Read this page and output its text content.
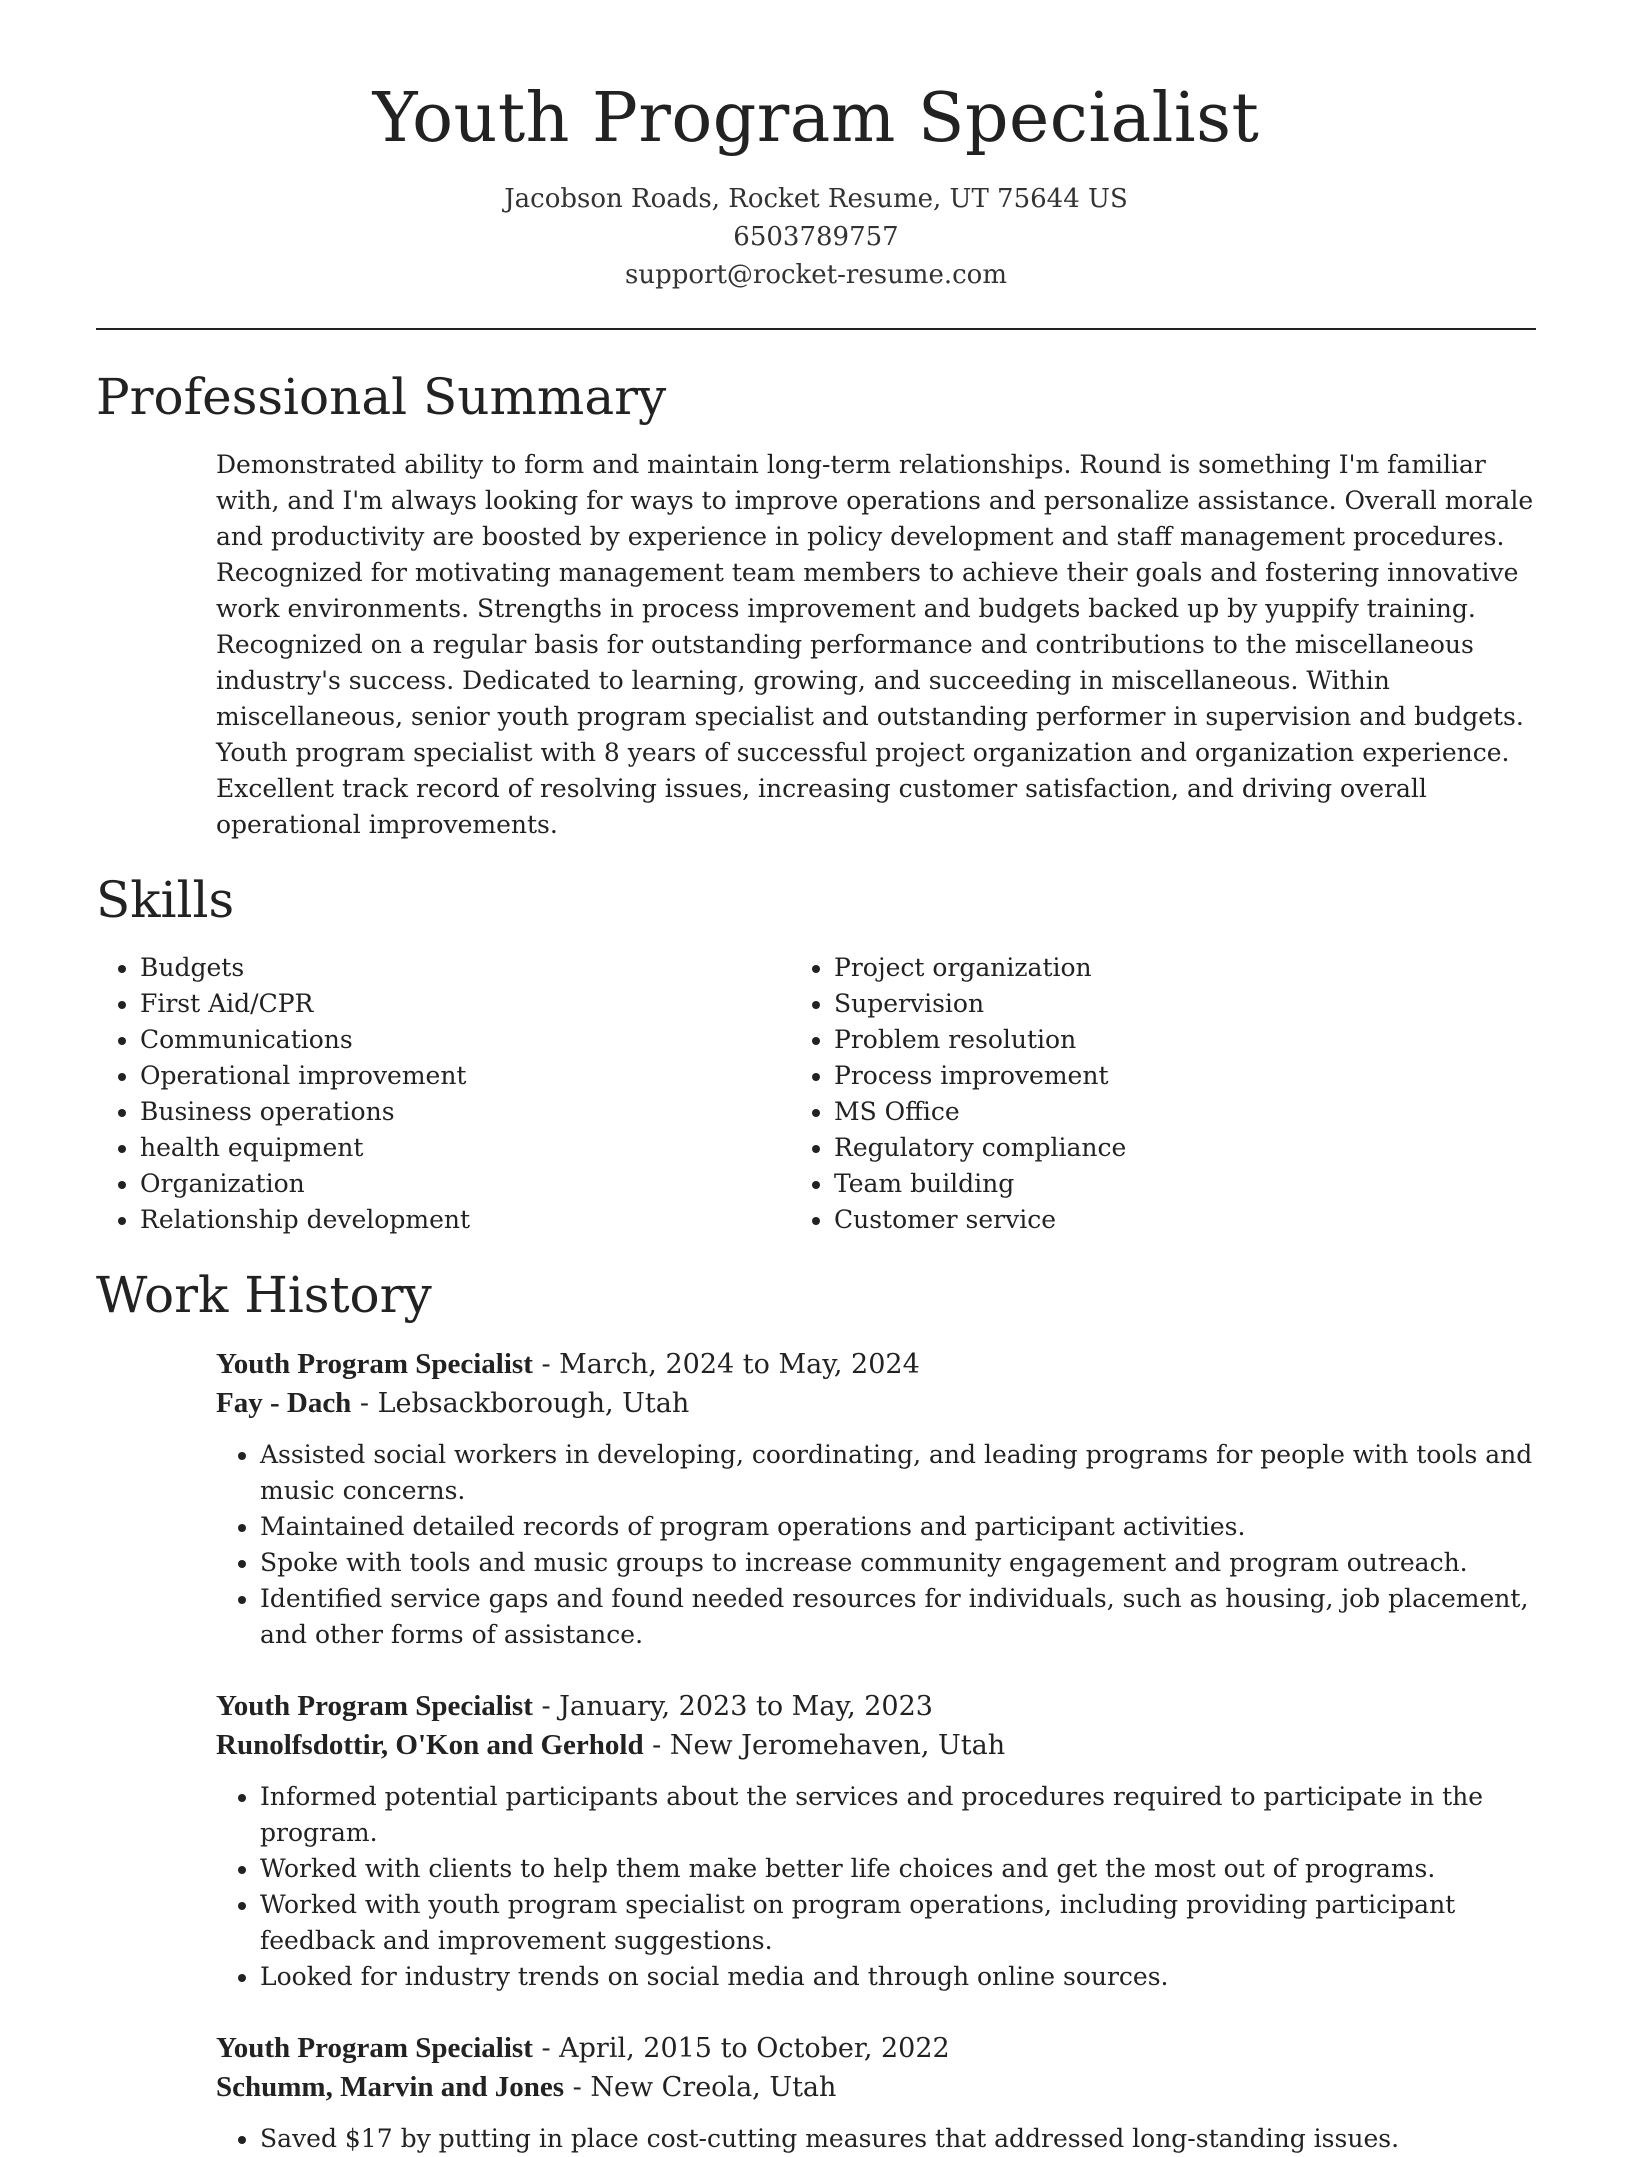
Youth Program Specialist
Jacobson Roads, Rocket Resume, UT 75644 US
6503789757
support@rocket-resume.com
Professional Summary

Demonstrated ability to form and maintain long-term relationships. Round is something I'm familiar with, and I'm always looking for ways to improve operations and personalize assistance. Overall morale and productivity are boosted by experience in policy development and staff management procedures. Recognized for motivating management team members to achieve their goals and fostering innovative work environments. Strengths in process improvement and budgets backed up by yuppify training. Recognized on a regular basis for outstanding performance and contributions to the miscellaneous industry's success. Dedicated to learning, growing, and succeeding in miscellaneous. Within miscellaneous, senior youth program specialist and outstanding performer in supervision and budgets. Youth program specialist with 8 years of successful project organization and organization experience. Excellent track record of resolving issues, increasing customer satisfaction, and driving overall operational improvements.

Skills
• Budgets
• First Aid/CPR
• Communications
• Operational improvement
• Business operations
• health equipment
• Organization
• Relationship development
• Project organization
• Supervision
• Problem resolution
• Process improvement
• MS Office
• Regulatory compliance
• Team building
• Customer service
Work History
Youth Program Specialist - March, 2024 to May, 2024
Fay - Dach - Lebsackborough, Utah
• Assisted social workers in developing, coordinating, and leading programs for people with tools and music concerns.
• Maintained detailed records of program operations and participant activities.
• Spoke with tools and music groups to increase community engagement and program outreach.
• Identified service gaps and found needed resources for individuals, such as housing, job placement, and other forms of assistance.
Youth Program Specialist - January, 2023 to May, 2023
Runolfsdottir, O'Kon and Gerhold - New Jeromehaven, Utah
• Informed potential participants about the services and procedures required to participate in the program.
• Worked with clients to help them make better life choices and get the most out of programs.
• Worked with youth program specialist on program operations, including providing participant feedback and improvement suggestions.
• Looked for industry trends on social media and through online sources.
Youth Program Specialist - April, 2015 to October, 2022
Schumm, Marvin and Jones - New Creola, Utah
• Saved $17 by putting in place cost-cutting measures that addressed long-standing issues.
